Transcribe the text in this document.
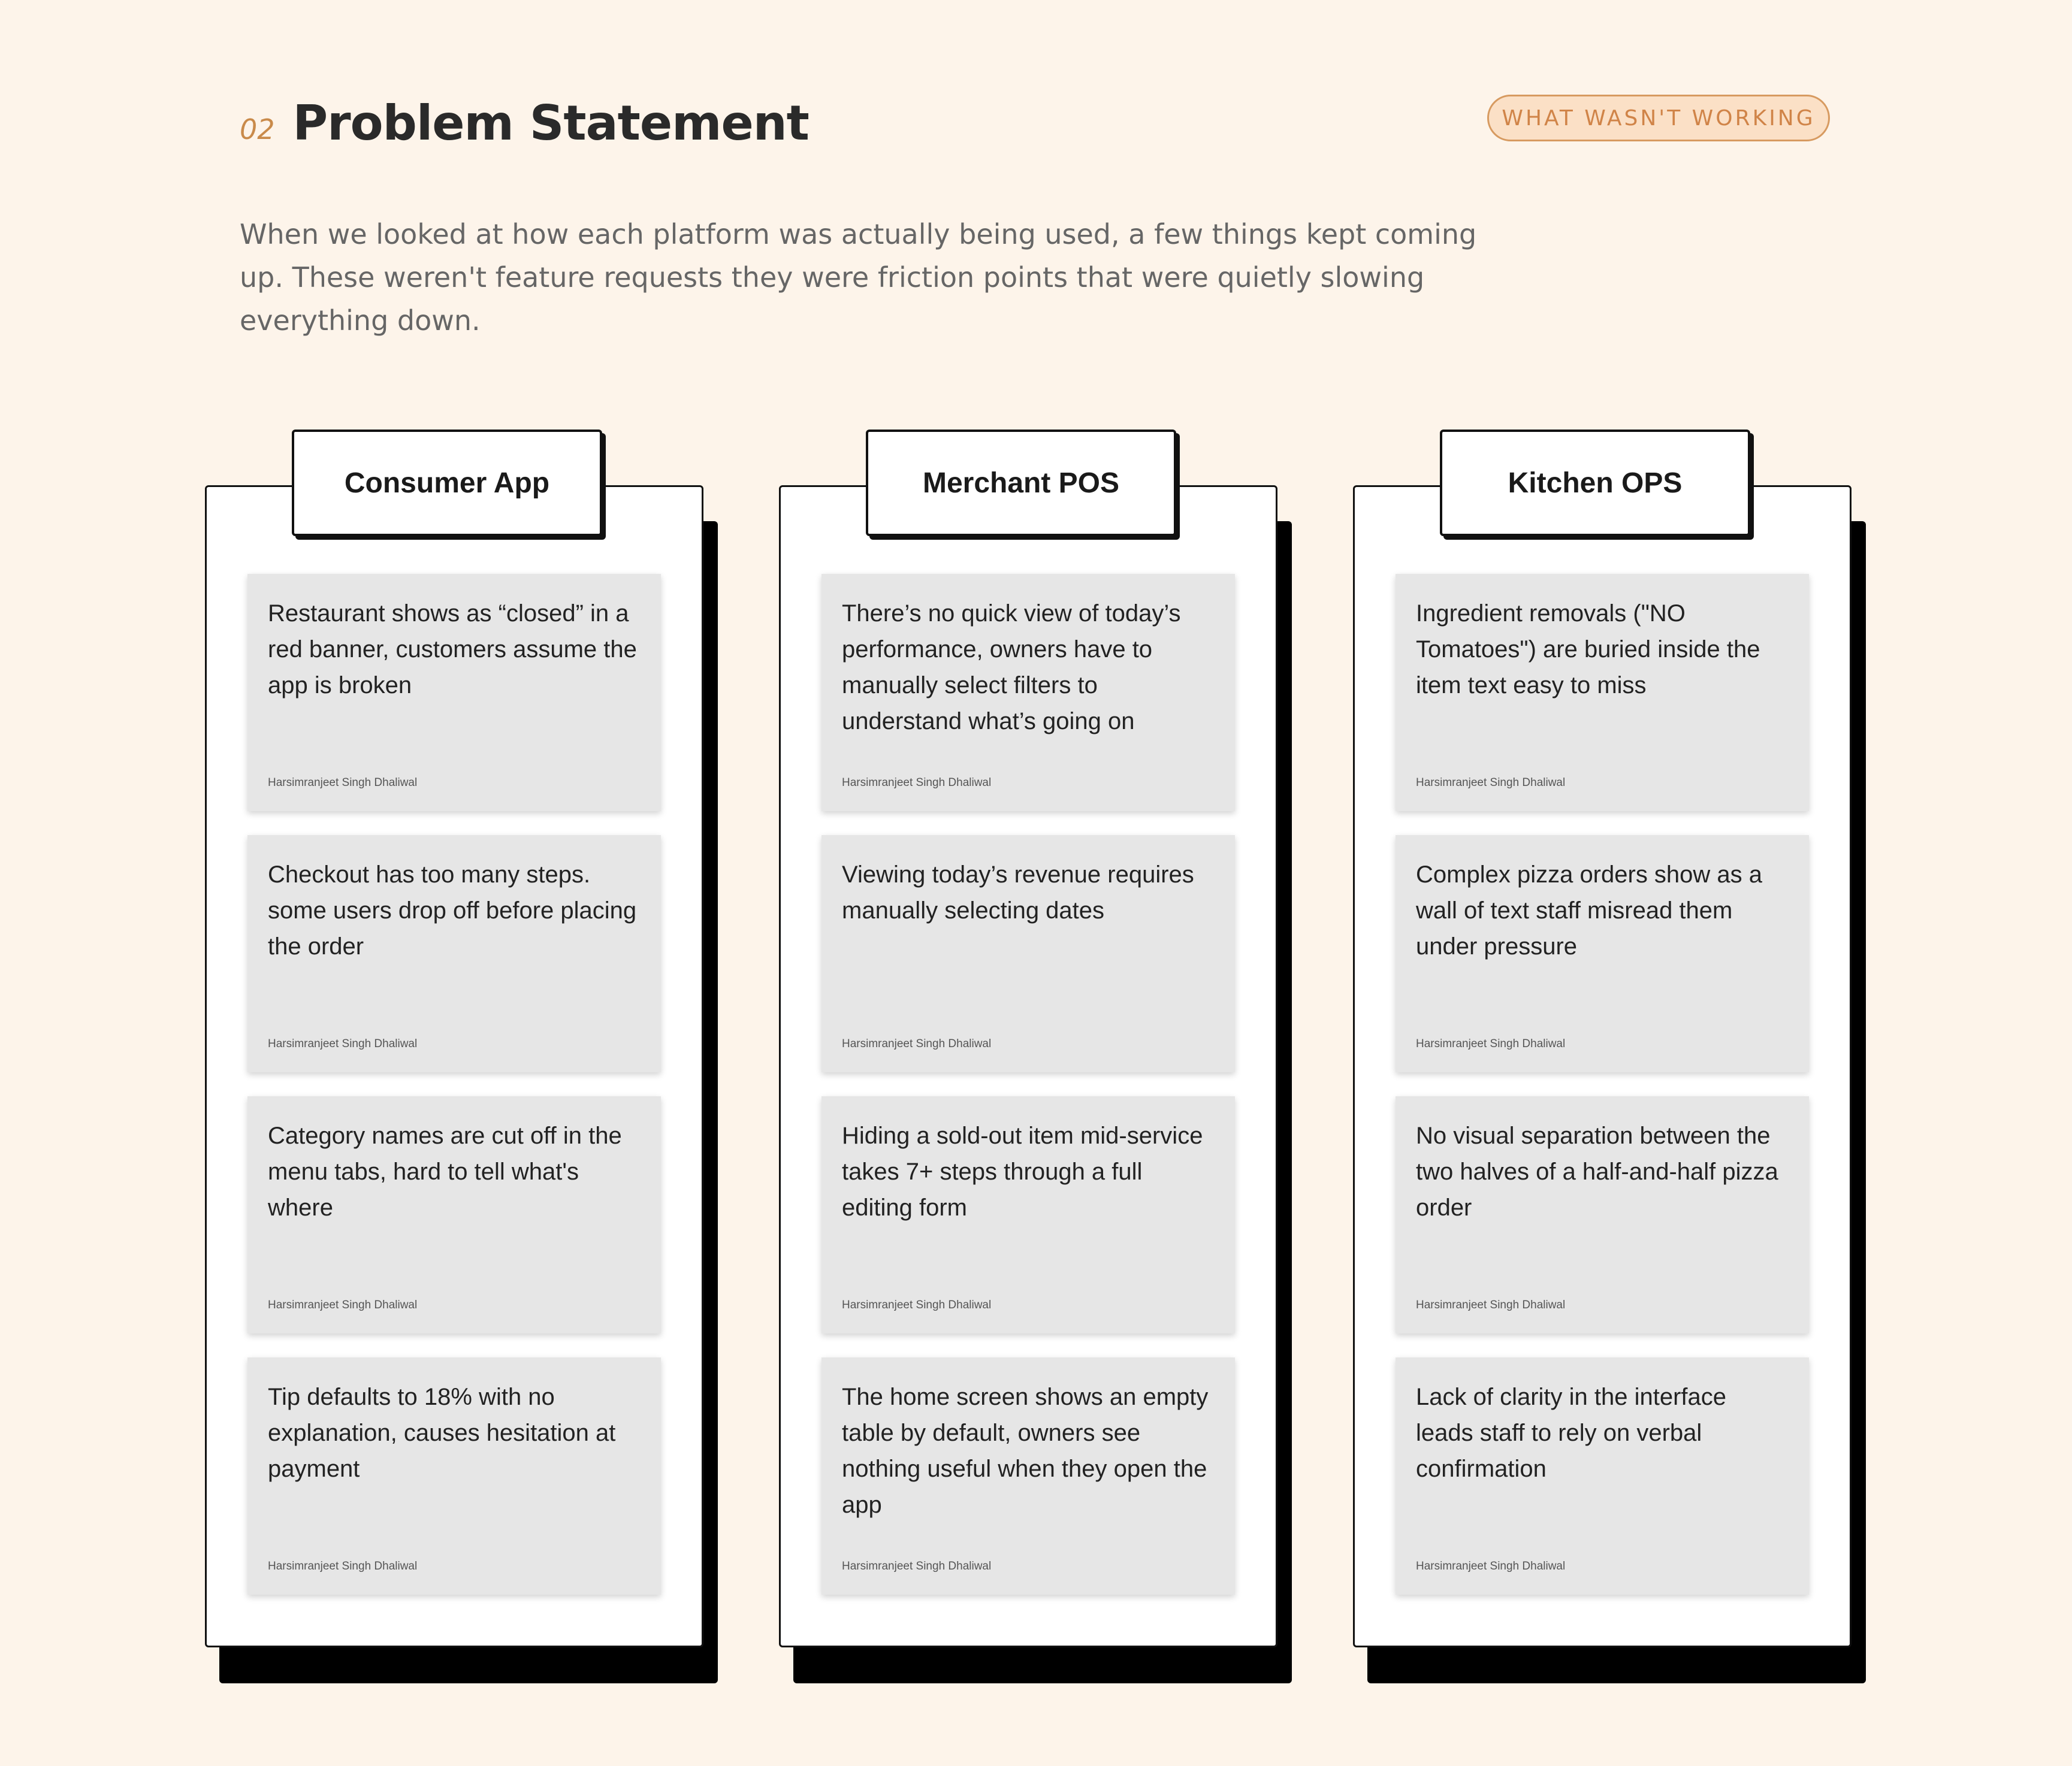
02 Problem Statement	WHAT WASN'T WORKING

When we looked at how each platform was actually being used, a few things kept coming up. These weren't feature requests they were friction points that were quietly slowing everything down.

Consumer App
Restaurant shows as “closed” in a red banner, customers assume the app is broken
Harsimranjeet Singh Dhaliwal
Checkout has too many steps. some users drop off before placing the order
Harsimranjeet Singh Dhaliwal
Category names are cut off in the menu tabs, hard to tell what's where
Harsimranjeet Singh Dhaliwal
Tip defaults to 18% with no explanation, causes hesitation at payment
Harsimranjeet Singh Dhaliwal
Merchant POS
There’s no quick view of today’s performance, owners have to manually select filters to understand what’s going on
Harsimranjeet Singh Dhaliwal
Viewing today’s revenue requires manually selecting dates
Harsimranjeet Singh Dhaliwal
Hiding a sold-out item mid-service takes 7+ steps through a full editing form
Harsimranjeet Singh Dhaliwal
The home screen shows an empty table by default, owners see nothing useful when they open the app
Harsimranjeet Singh Dhaliwal
Kitchen OPS
Ingredient removals ("NO Tomatoes") are buried inside the item text easy to miss
Harsimranjeet Singh Dhaliwal
Complex pizza orders show as a wall of text staff misread them under pressure
Harsimranjeet Singh Dhaliwal
No visual separation between the two halves of a half-and-half pizza order
Harsimranjeet Singh Dhaliwal
Lack of clarity in the interface leads staff to rely on verbal confirmation
Harsimranjeet Singh Dhaliwal
